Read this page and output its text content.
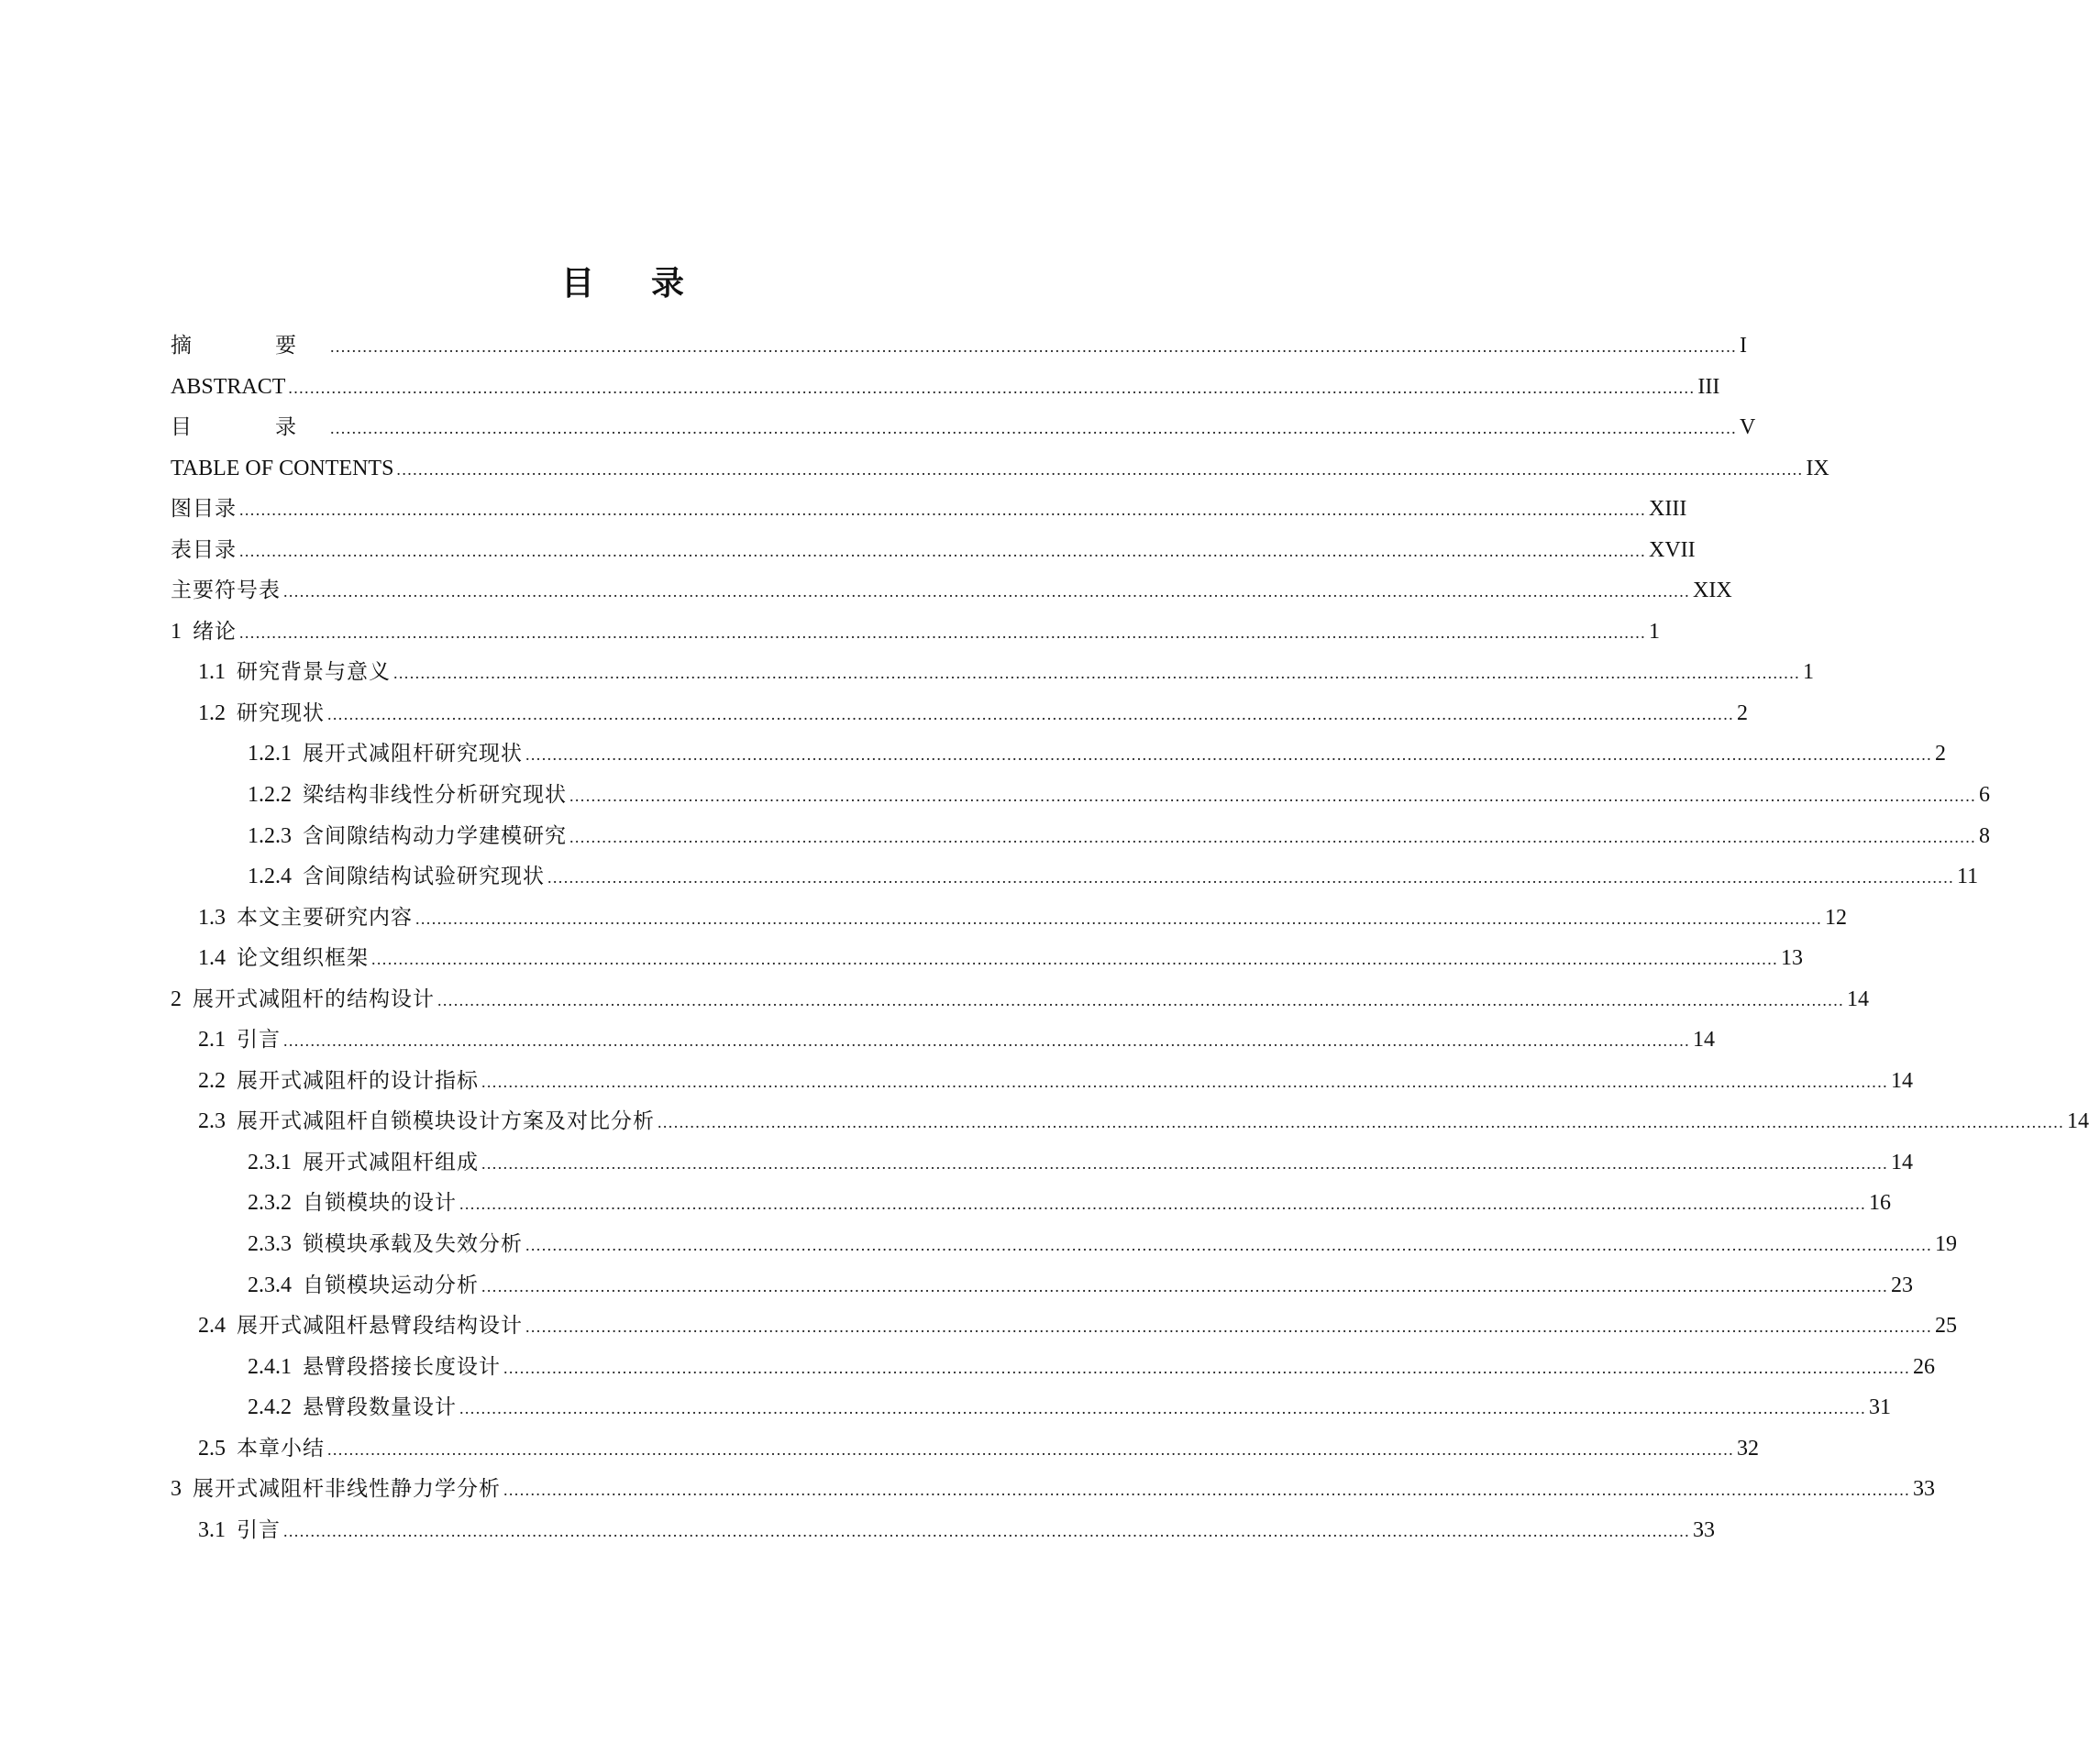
目 录
摘　要 .................................................................................................................................................................................................................................................................... I
ABSTRACT .................................................................................................................................................................................................................................................................... III
目　录 .................................................................................................................................................................................................................................................................... V
TABLE OF CONTENTS .................................................................................................................................................................................................................................................................... IX
图目录 .................................................................................................................................................................................................................................................................... XIII
表目录 .................................................................................................................................................................................................................................................................... XVII
主要符号表 .................................................................................................................................................................................................................................................................... XIX
1 绪论 .................................................................................................................................................................................................................................................................... 1
1.1 研究背景与意义 .................................................................................................................................................................................................................................................................... 1
1.2 研究现状 .................................................................................................................................................................................................................................................................... 2
1.2.1 展开式减阻杆研究现状 .................................................................................................................................................................................................................................................................... 2
1.2.2 梁结构非线性分析研究现状 .................................................................................................................................................................................................................................................................... 6
1.2.3 含间隙结构动力学建模研究 .................................................................................................................................................................................................................................................................... 8
1.2.4 含间隙结构试验研究现状 .................................................................................................................................................................................................................................................................... 11
1.3 本文主要研究内容 .................................................................................................................................................................................................................................................................... 12
1.4 论文组织框架 .................................................................................................................................................................................................................................................................... 13
2 展开式减阻杆的结构设计 .................................................................................................................................................................................................................................................................... 14
2.1 引言 .................................................................................................................................................................................................................................................................... 14
2.2 展开式减阻杆的设计指标 .................................................................................................................................................................................................................................................................... 14
2.3 展开式减阻杆自锁模块设计方案及对比分析 .................................................................................................................................................................................................................................................................... 14
2.3.1 展开式减阻杆组成 .................................................................................................................................................................................................................................................................... 14
2.3.2 自锁模块的设计 .................................................................................................................................................................................................................................................................... 16
2.3.3 锁模块承载及失效分析 .................................................................................................................................................................................................................................................................... 19
2.3.4 自锁模块运动分析 .................................................................................................................................................................................................................................................................... 23
2.4 展开式减阻杆悬臂段结构设计 .................................................................................................................................................................................................................................................................... 25
2.4.1 悬臂段搭接长度设计 .................................................................................................................................................................................................................................................................... 26
2.4.2 悬臂段数量设计 .................................................................................................................................................................................................................................................................... 31
2.5 本章小结 .................................................................................................................................................................................................................................................................... 32
3 展开式减阻杆非线性静力学分析 .................................................................................................................................................................................................................................................................... 33
3.1 引言 .................................................................................................................................................................................................................................................................... 33
